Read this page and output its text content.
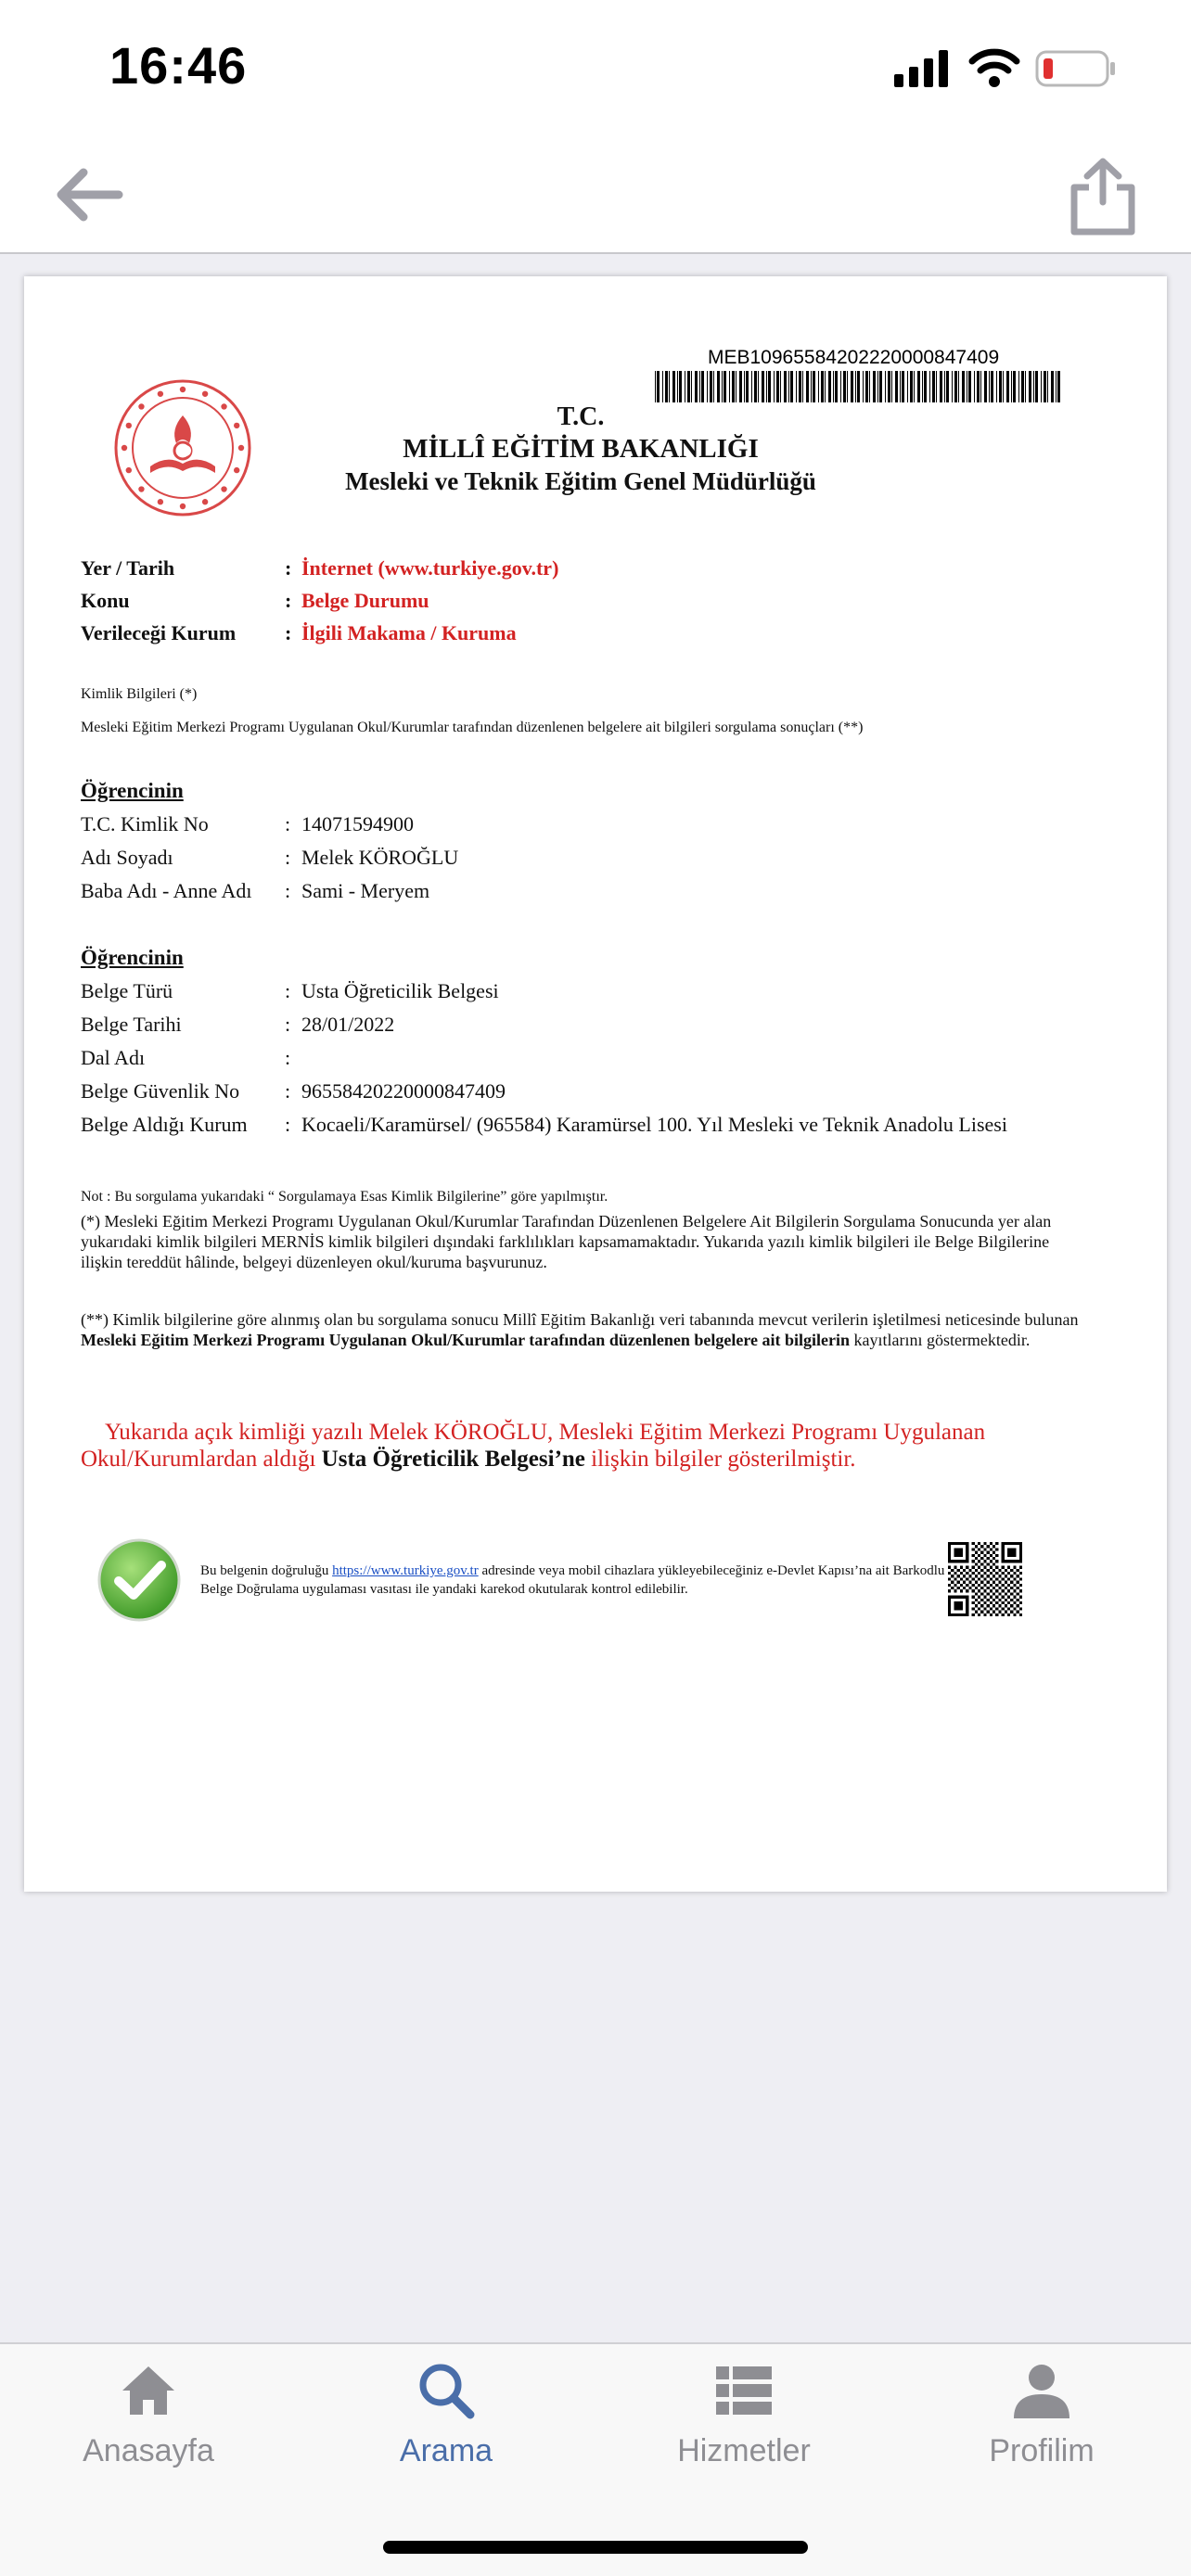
16:46
MEB10965584202220000847409
T.C.
MİLLÎ EĞİTİM BAKANLIĞI
Mesleki ve Teknik Eğitim Genel Müdürlüğü
Yer / Tarih	: İnternet (www.turkiye.gov.tr)
Konu	: Belge Durumu
Verileceği Kurum	: İlgili Makama / Kuruma
Kimlik Bilgileri (*)
Mesleki Eğitim Merkezi Programı Uygulanan Okul/Kurumlar tarafından düzenlenen belgelere ait bilgileri sorgulama sonuçları (**)
Öğrencinin
T.C. Kimlik No	: 14071594900
Adı Soyadı	: Melek KÖROĞLU
Baba Adı - Anne Adı : Sami - Meryem
Öğrencinin
Belge Türü	: Usta Öğreticilik Belgesi
Belge Tarihi	: 28/01/2022
Dal Adı	:
Belge Güvenlik No : 96558420220000847409
Belge Aldığı Kurum : Kocaeli/Karamürsel/ (965584) Karamürsel 100. Yıl Mesleki ve Teknik Anadolu Lisesi
Not : Bu sorgulama yukarıdaki “ Sorgulamaya Esas Kimlik Bilgilerine” göre yapılmıştır.
(*) Mesleki Eğitim Merkezi Programı Uygulanan Okul/Kurumlar Tarafından Düzenlenen Belgelere Ait Bilgilerin Sorgulama Sonucunda yer alan yukarıdaki kimlik bilgileri MERNİS kimlik bilgileri dışındaki farklılıkları kapsamamaktadır. Yukarıda yazılı kimlik bilgileri ile Belge Bilgilerine ilişkin tereddüt hâlinde, belgeyi düzenleyen okul/kuruma başvurunuz.
(**) Kimlik bilgilerine göre alınmış olan bu sorgulama sonucu Millî Eğitim Bakanlığı veri tabanında mevcut verilerin işletilmesi neticesinde bulunan Mesleki Eğitim Merkezi Programı Uygulanan Okul/Kurumlar tarafından düzenlenen belgelere ait bilgilerin kayıtlarını göstermektedir.
Yukarıda açık kimliği yazılı Melek KÖROĞLU, Mesleki Eğitim Merkezi Programı Uygulanan Okul/Kurumlardan aldığı Usta Öğreticilik Belgesi’ne ilişkin bilgiler gösterilmiştir.
Bu belgenin doğruluğu https://www.turkiye.gov.tr adresinde veya mobil cihazlara yükleyebileceğiniz e-Devlet Kapısı’na ait Barkodlu Belge Doğrulama uygulaması vasıtası ile yandaki karekod okutularak kontrol edilebilir.
Anasayfa	Arama	Hizmetler	Profilim
